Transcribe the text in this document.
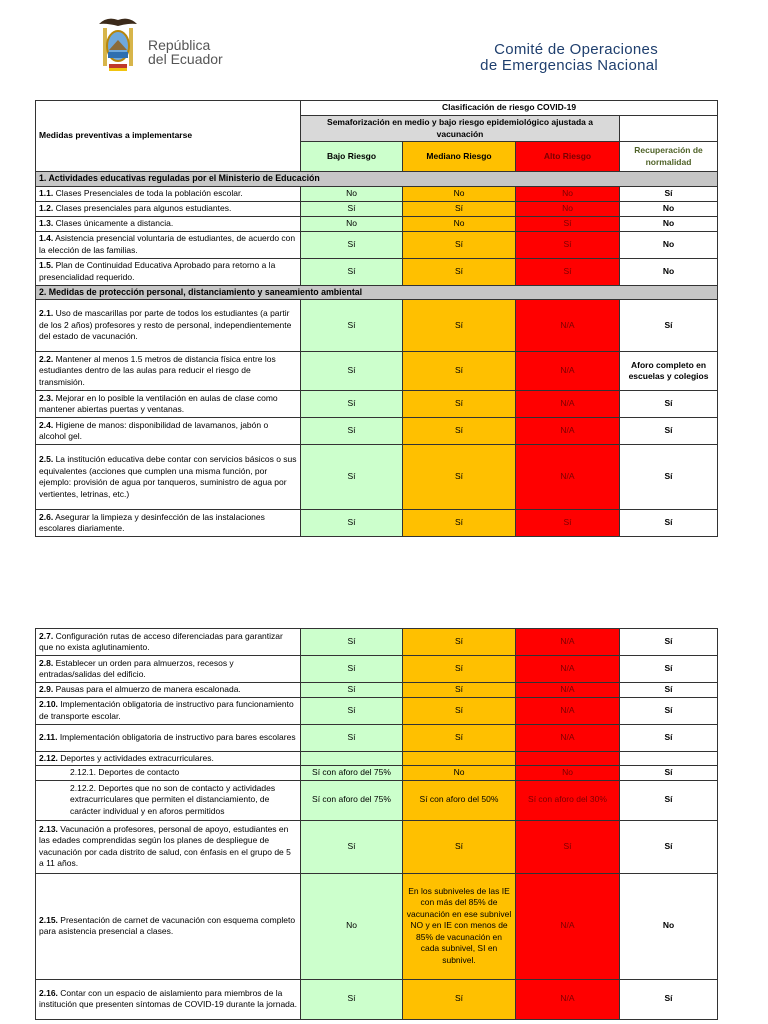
República
del Ecuador
Comité de Operaciones
de Emergencias Nacional
Medidas preventivas a implementarse	Clasificación de riesgo COVID-19			
	Semaforización en medio y bajo riesgo epidemiológico ajustada a vacunación			
	Bajo Riesgo	Mediano Riesgo	Alto Riesgo	Recuperación de normalidad
1. Actividades educativas reguladas por el Ministerio de Educación				
1.1. Clases Presenciales de toda la población escolar.	No	No	No	Sí
1.2. Clases presenciales para algunos estudiantes.	Sí	Sí	No	No
1.3. Clases únicamente a distancia.	No	No	Sí	No
1.4. Asistencia presencial voluntaria de estudiantes, de acuerdo con la elección de las familias.	Sí	Sí	Sí	No
1.5. Plan de Continuidad Educativa Aprobado para retorno a la presencialidad requerido.	Sí	Sí	Sí	No
2. Medidas de protección personal, distanciamiento y saneamiento ambiental				
2.1. Uso de mascarillas por parte de todos los estudiantes (a partir de los 2 años) profesores y resto de personal, independientemente del estado de vacunación.	Sí	Sí	N/A	Sí
2.2. Mantener al menos 1.5 metros de distancia física entre los estudiantes dentro de las aulas para reducir el riesgo de transmisión.	Sí	Sí	N/A	Aforo completo en escuelas y colegios
2.3. Mejorar en lo posible la ventilación en aulas de clase como mantener abiertas puertas y ventanas.	Sí	Sí	N/A	Sí
2.4. Higiene de manos: disponibilidad de lavamanos, jabón o alcohol gel.	Sí	Sí	N/A	Sí
2.5. La institución educativa debe contar con servicios básicos o sus equivalentes (acciones que cumplen una misma función, por ejemplo: provisión de agua por tanqueros, suministro de agua por vertientes, letrinas, etc.)	Sí	Sí	N/A	Sí
2.6. Asegurar la limpieza y desinfección de las instalaciones escolares diariamente.	Sí	Sí	Sí	Sí
2.7. Configuración rutas de acceso diferenciadas para garantizar que no exista aglutinamiento.	Sí	Sí	N/A	Sí
2.8. Establecer un orden para almuerzos, recesos y entradas/salidas del edificio.	Sí	Sí	N/A	Sí
2.9. Pausas para el almuerzo de manera escalonada.	Sí	Sí	N/A	Sí
2.10. Implementación obligatoria de instructivo para funcionamiento de transporte escolar.	Sí	Sí	N/A	Sí
2.11. Implementación obligatoria de instructivo para bares escolares	Sí	Sí	N/A	Sí
2.12. Deportes y actividades extracurriculares.				
2.12.1. Deportes de contacto	Sí con aforo del 75%	No	No	Sí
2.12.2. Deportes que no son de contacto y actividades extracurriculares que permiten el distanciamiento, de carácter individual y en aforos permitidos	Sí con aforo del 75%	Sí con aforo del 50%	Sí con aforo del 30%	Sí
2.13. Vacunación a profesores, personal de apoyo, estudiantes en las edades comprendidas según los planes de despliegue de vacunación por cada distrito de salud, con énfasis en el grupo de 5 a 11 años.	Sí	Sí	Sí	Sí
2.15. Presentación de carnet de vacunación con esquema completo para asistencia presencial a clases.	No	En los subniveles de las IE con más del 85% de vacunación en ese subnivel NO y en IE con menos de 85% de vacunación en cada subnivel, SI en subnivel.	N/A	No
2.16. Contar con un espacio de aislamiento para miembros de la institución que presenten síntomas de COVID-19 durante la jornada.	Sí	Sí	N/A	Sí
